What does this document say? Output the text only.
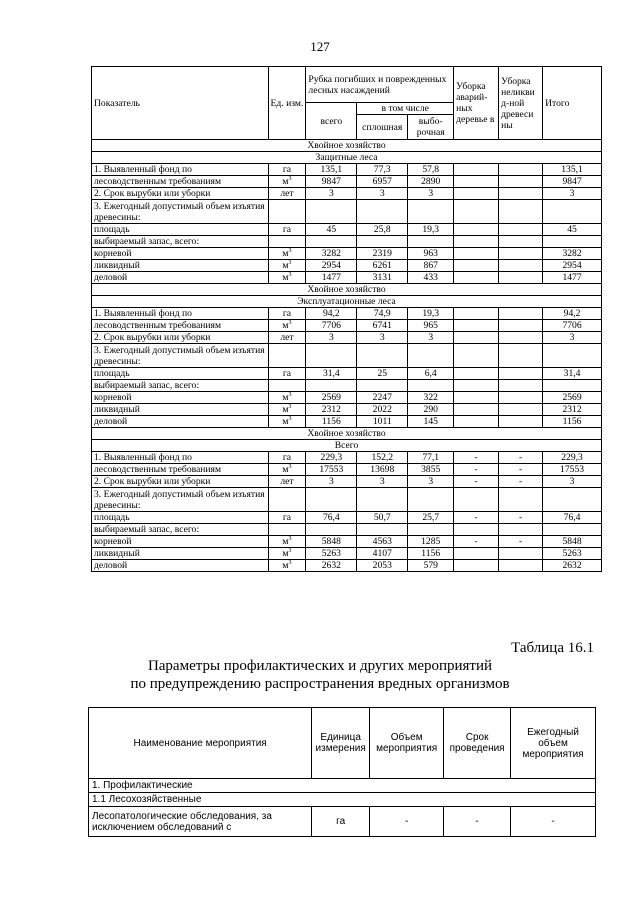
127
Показатель	Ед. изм.	Рубка погибших и поврежденных лесных насаждений			Уборка аварий-ных деревье в	Уборка неликви д-ной древеси ны	Итого
		всего	в том числе				
			сплошная	выбо-рочная			
Хвойное хозяйство							
Защитные леса							
1. Выявленный фонд по	га	135,1	77,3	57,8			135,1
лесоводственным требованиям	$м^3$	9847	6957	2890			9847
2. Срок вырубки или уборки	лет	3	3	3			3
3. Ежегодный допустимый объем изъятия древесины:							
площадь	га	45	25,8	19,3			45
выбираемый запас, всего:							
корневой	$м^3$	3282	2319	963			3282
ликвидный	$м^3$	2954	6261	867			2954
деловой	$м^3$	1477	3131	433			1477
Хвойное хозяйство							
Эксплуатационные леса							
1. Выявленный фонд по	га	94,2	74,9	19,3			94,2
лесоводственным требованиям	$м^3$	7706	6741	965			7706
2. Срок вырубки или уборки	лет	3	3	3			3
3. Ежегодный допустимый объем изъятия древесины:							
площадь	га	31,4	25	6,4			31,4
выбираемый запас, всего:							
корневой	$м^3$	2569	2247	322			2569
ликвидный	$м^3$	2312	2022	290			2312
деловой	$м^3$	1156	1011	145			1156
Хвойное хозяйство							
Всего							
1. Выявленный фонд по	га	229,3	152,2	77,1	-	-	229,3
лесоводственным требованиям	$м^3$	17553	13698	3855	-	-	17553
2. Срок вырубки или уборки	лет	3	3	3	-	-	3
3. Ежегодный допустимый объем изъятия древесины:							
площадь	га	76,4	50,7	25,7	-	-	76,4
выбираемый запас, всего:							
корневой	$м^3$	5848	4563	1285	-	-	5848
ликвидный	$м^3$	5263	4107	1156			5263
деловой	$м^3$	2632	2053	579			2632
Таблица 16.1
Параметры профилактических и других мероприятий
по предупреждению распространения вредных организмов
Наименование мероприятия	Единица измерения	Объем мероприятия	Срок проведения	Ежегодный объем мероприятия
1. Профилактические				
1.1 Лесохозяйственные				
Лесопатологические обследования, за исключением обследований с	га	-	-	-
